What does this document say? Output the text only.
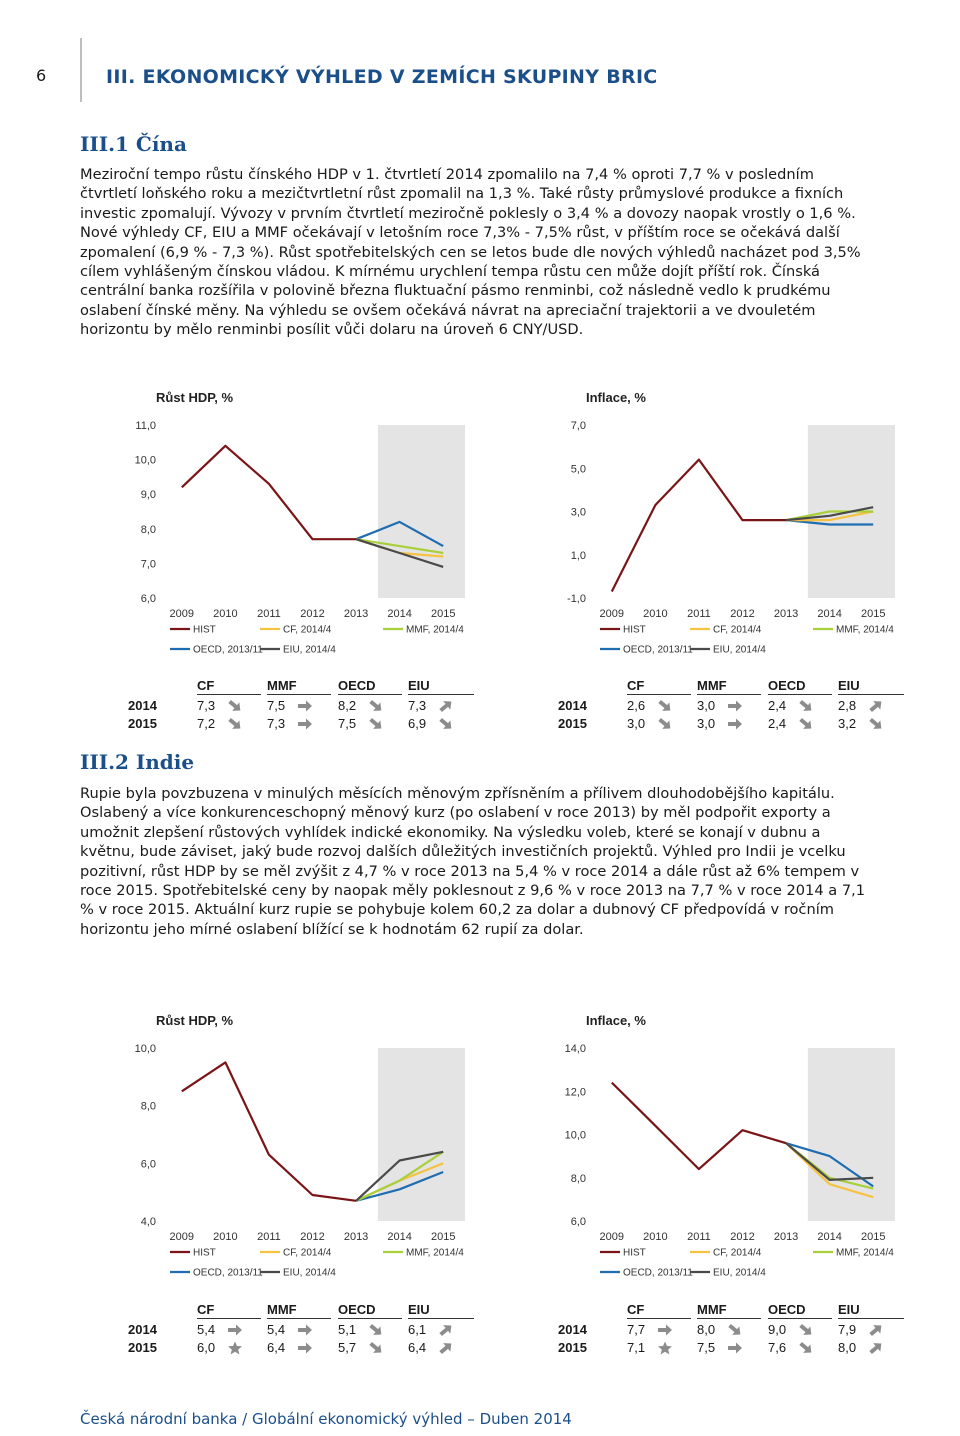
6	III. EKONOMICKÝ VÝHLED V ZEMÍCH SKUPINY BRIC
III.1 Čína
Meziroční tempo růstu čínského HDP v 1. čtvrtletí 2014 zpomalilo na 7,4 % oproti 7,7 % v posledním
čtvrtletí loňského roku a mezičtvrtletní růst zpomalil na 1,3 %. Také růsty průmyslové produkce a fixních
investic zpomalují. Vývozy v prvním čtvrtletí meziročně poklesly o 3,4 % a dovozy naopak vrostly o 1,6 %.
Nové výhledy CF, EIU a MMF očekávají v letošním roce 7,3% - 7,5% růst, v příštím roce se očekává další
zpomalení (6,9 % - 7,3 %). Růst spotřebitelských cen se letos bude dle nových výhledů nacházet pod 3,5%
cílem vyhlášeným čínskou vládou. K mírnému urychlení tempa růstu cen může dojít příští rok. Čínská
centrální banka rozšířila v polovině března fluktuační pásmo renminbi, což následně vedlo k prudkému
oslabení čínské měny. Na výhledu se ovšem očekává návrat na apreciační trajektorii a ve dvouletém
horizontu by mělo renminbi posílit vůči dolaru na úroveň 6 CNY/USD.
Růst HDP, %
11,0
10,0
9,0
8,0
7,0
6,0
2009 2010 2011 2012 2013 2014 2015
HIST	CF, 2014/4	MMF, 2014/4
OECD, 2013/11 EIU, 2014/4
Inflace, %
7,0
5,0
3,0
1,0
-1,0
2009 2010 2011 2012 2013 2014 2015
HIST	CF, 2014/4	MMF, 2014/4
OECD, 2013/11 EIU, 2014/4
CF	MMF	OECD	EIU
2014	7,3	7,5	8,2	7,3
2015	7,2	7,3	7,5	6,9
CF	MMF	OECD	EIU
2014	2,6	3,0	2,4	2,8
2015	3,0	3,0	2,4	3,2
III.2 Indie
Rupie byla povzbuzena v minulých měsících měnovým zpřísněním a přílivem dlouhodobějšího kapitálu.
Oslabený a více konkurenceschopný měnový kurz (po oslabení v roce 2013) by měl podpořit exporty a
umožnit zlepšení růstových vyhlídek indické ekonomiky. Na výsledku voleb, které se konají v dubnu a
květnu, bude záviset, jaký bude rozvoj dalších důležitých investičních projektů. Výhled pro Indii je vcelku
pozitivní, růst HDP by se měl zvýšit z 4,7 % v roce 2013 na 5,4 % v roce 2014 a dále růst až 6% tempem v
roce 2015. Spotřebitelské ceny by naopak měly poklesnout z 9,6 % v roce 2013 na 7,7 % v roce 2014 a 7,1
% v roce 2015. Aktuální kurz rupie se pohybuje kolem 60,2 za dolar a dubnový CF předpovídá v ročním
horizontu jeho mírné oslabení blížící se k hodnotám 62 rupií za dolar.
Růst HDP, %
10,0
8,0
6,0
4,0
2009 2010 2011 2012 2013 2014 2015
HIST	CF, 2014/4	MMF, 2014/4
OECD, 2013/11 EIU, 2014/4
Inflace, %
14,0
12,0
10,0
8,0
6,0
2009 2010 2011 2012 2013 2014 2015
HIST	CF, 2014/4	MMF, 2014/4
OECD, 2013/11 EIU, 2014/4
CF	MMF	OECD	EIU
2014	5,4	5,4	5,1	6,1
2015	6,0	6,4	5,7	6,4
CF	MMF	OECD	EIU
2014	7,7	8,0	9,0	7,9
2015	7,1	7,5	7,6	8,0
Česká národní banka / Globální ekonomický výhled – Duben 2014
